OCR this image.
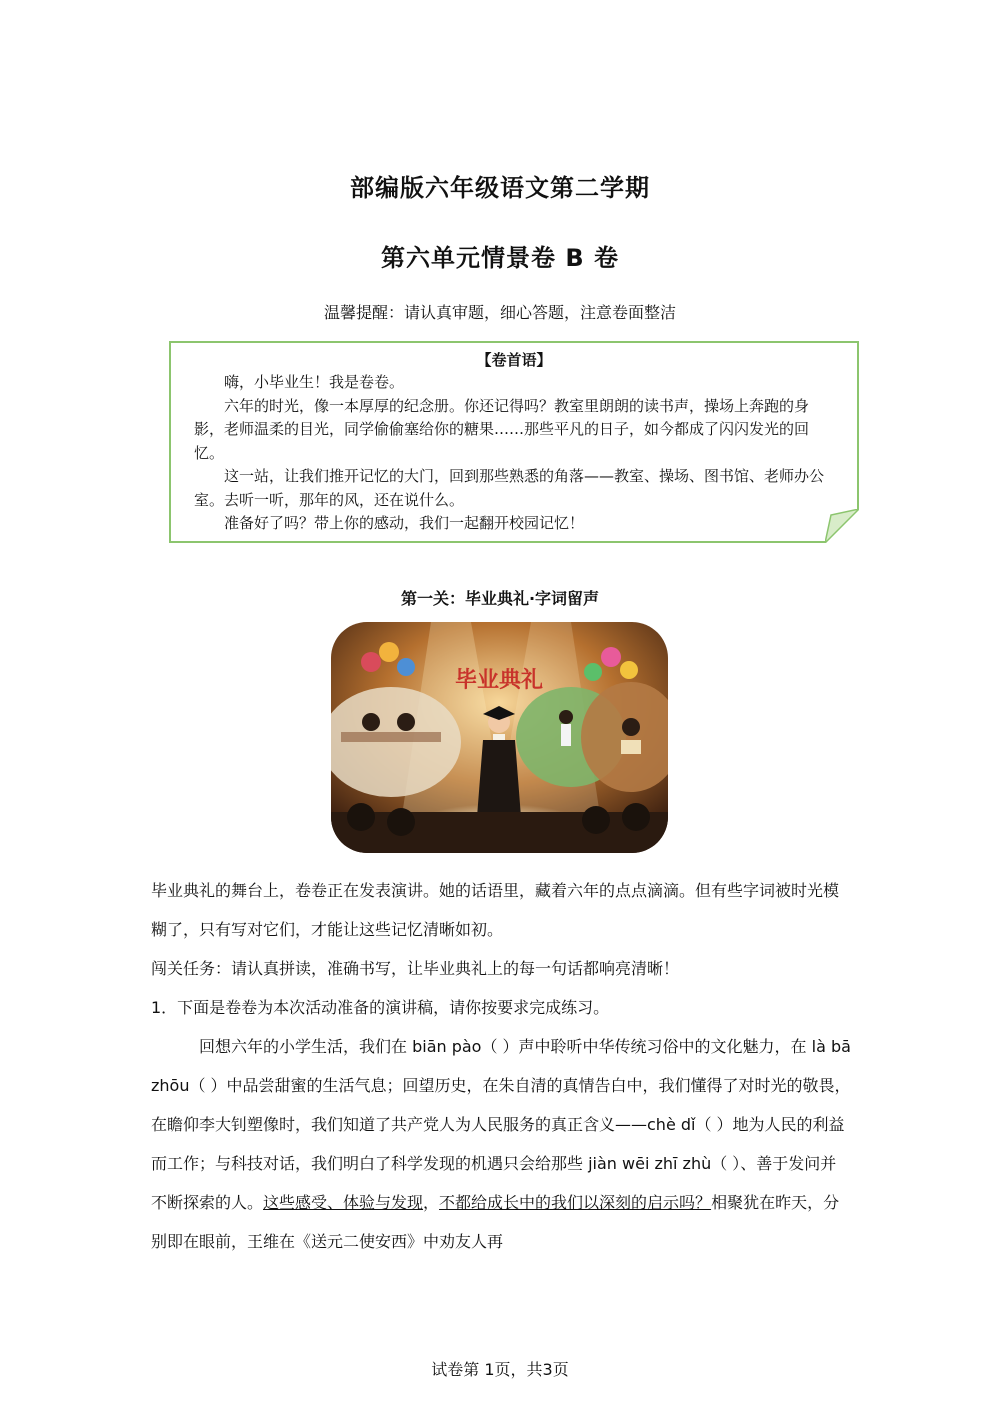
部编版六年级语文第二学期
第六单元情景卷 B 卷
温馨提醒：请认真审题，细心答题，注意卷面整洁
【卷首语】

嗨，小毕业生！我是卷卷。

六年的时光，像一本厚厚的纪念册。你还记得吗？教室里朗朗的读书声，操场上奔跑的身影，老师温柔的目光，同学偷偷塞给你的糖果……那些平凡的日子，如今都成了闪闪发光的回忆。

这一站，让我们推开记忆的大门，回到那些熟悉的角落——教室、操场、图书馆、老师办公室。去听一听，那年的风，还在说什么。

准备好了吗？带上你的感动，我们一起翻开校园记忆！

第一关：毕业典礼·字词留声
毕业典礼

毕业典礼的舞台上，卷卷正在发表演讲。她的话语里，藏着六年的点点滴滴。但有些字词被时光模糊了，只有写对它们，才能让这些记忆清晰如初。

闯关任务：请认真拼读，准确书写，让毕业典礼上的每一句话都响亮清晰！

1．下面是卷卷为本次活动准备的演讲稿，请你按要求完成练习。

回想六年的小学生活，我们在 biān pào（ ）声中聆听中华传统习俗中的文化魅力，在 là bā zhōu（ ）中品尝甜蜜的生活气息；回望历史，在朱自清的真情告白中，我们懂得了对时光的敬畏，在瞻仰李大钊塑像时，我们知道了共产党人为人民服务的真正含义——chè dǐ（ ）地为人民的利益而工作；与科技对话，我们明白了科学发现的机遇只会给那些 jiàn wēi zhī zhù（ ）、善于发问并不断探索的人。这些感受、体验与发现，不都给成长中的我们以深刻的启示吗？相聚犹在昨天，分别即在眼前，王维在《送元二使安西》中劝友人再

试卷第 1页，共3页
